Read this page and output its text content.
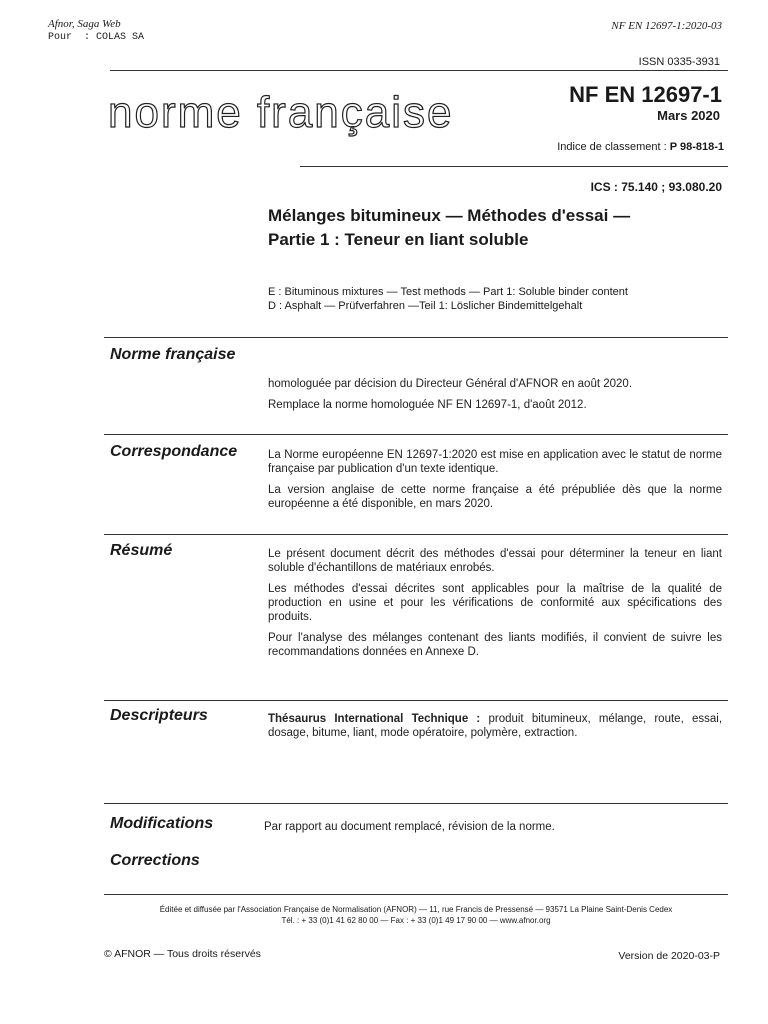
Afnor, Saga Web
Pour  : COLAS SA
NF EN 12697-1:2020-03
ISSN 0335-3931
norme française	NF EN 12697-1
Mars 2020
Indice de classement : P 98-818-1
ICS : 75.140 ; 93.080.20
Mélanges bitumineux — Méthodes d'essai —
Partie 1 : Teneur en liant soluble
E : Bituminous mixtures — Test methods — Part 1: Soluble binder content
D : Asphalt — Prüfverfahren —Teil 1: Löslicher Bindemittelgehalt
Norme française
homologuée par décision du Directeur Général d'AFNOR en août 2020.
Remplace la norme homologuée NF EN 12697-1, d'août 2012.
Correspondance	La Norme européenne EN 12697-1:2020 est mise en application avec le statut de norme française par publication d'un texte identique.
La version anglaise de cette norme française a été prépubliée dès que la norme européenne a été disponible, en mars 2020.
Résumé	Le présent document décrit des méthodes d'essai pour déterminer la teneur en liant soluble d'échantillons de matériaux enrobés.
Les méthodes d'essai décrites sont applicables pour la maîtrise de la qualité de production en usine et pour les vérifications de conformité aux spécifications des produits.
Pour l'analyse des mélanges contenant des liants modifiés, il convient de suivre les recommandations données en Annexe D.
Descripteurs	Thésaurus International Technique : produit bitumineux, mélange, route, essai, dosage, bitume, liant, mode opératoire, polymère, extraction.
Modifications	Par rapport au document remplacé, révision de la norme.
Corrections
Éditée et diffusée par l'Association Française de Normalisation (AFNOR) — 11, rue Francis de Pressensé — 93571 La Plaine Saint-Denis Cedex
Tél. : + 33 (0)1 41 62 80 00 — Fax : + 33 (0)1 49 17 90 00 — www.afnor.org
© AFNOR — Tous droits réservés	Version de 2020-03-P
